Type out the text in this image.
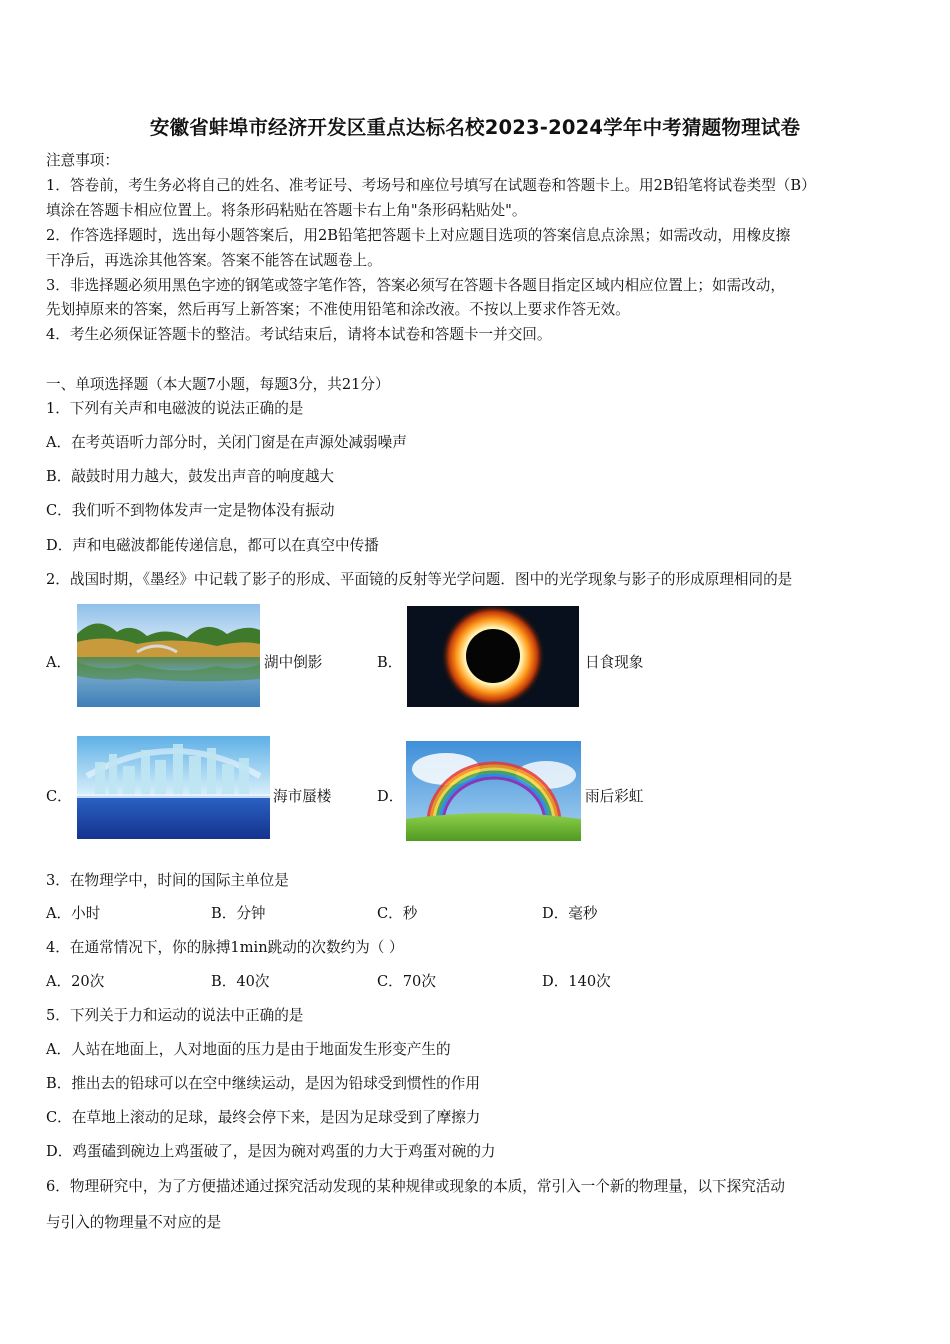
安徽省蚌埠市经济开发区重点达标名校2023-2024学年中考猜题物理试卷
注意事项：
1．答卷前，考生务必将自己的姓名、准考证号、考场号和座位号填写在试题卷和答题卡上。用2B铅笔将试卷类型（B）
填涂在答题卡相应位置上。将条形码粘贴在答题卡右上角"条形码粘贴处"。
2．作答选择题时，选出每小题答案后，用2B铅笔把答题卡上对应题目选项的答案信息点涂黑；如需改动，用橡皮擦
干净后，再选涂其他答案。答案不能答在试题卷上。
3．非选择题必须用黑色字迹的钢笔或签字笔作答，答案必须写在答题卡各题目指定区域内相应位置上；如需改动，
先划掉原来的答案，然后再写上新答案；不准使用铅笔和涂改液。不按以上要求作答无效。
4．考生必须保证答题卡的整洁。考试结束后，请将本试卷和答题卡一并交回。
一、单项选择题（本大题7小题，每题3分，共21分）
1．下列有关声和电磁波的说法正确的是
A．在考英语听力部分时，关闭门窗是在声源处减弱噪声
B．敲鼓时用力越大，鼓发出声音的响度越大
C．我们听不到物体发声一定是物体没有振动
D．声和电磁波都能传递信息，都可以在真空中传播
2．战国时期，《墨经》中记载了影子的形成、平面镜的反射等光学问题．图中的光学现象与影子的形成原理相同的是
A．	湖中倒影	B．	日食现象
C．	海市蜃楼	D．	雨后彩虹
3．在物理学中，时间的国际主单位是
A．小时	B．分钟	C．秒	D．毫秒
4．在通常情况下，你的脉搏1min跳动的次数约为（ ）
A．20次	B．40次	C．70次	D．140次
5．下列关于力和运动的说法中正确的是
A．人站在地面上，人对地面的压力是由于地面发生形变产生的
B．推出去的铅球可以在空中继续运动，是因为铅球受到惯性的作用
C．在草地上滚动的足球，最终会停下来，是因为足球受到了摩擦力
D．鸡蛋磕到碗边上鸡蛋破了，是因为碗对鸡蛋的力大于鸡蛋对碗的力
6．物理研究中，为了方便描述通过探究活动发现的某种规律或现象的本质，常引入一个新的物理量，以下探究活动
与引入的物理量不对应的是
